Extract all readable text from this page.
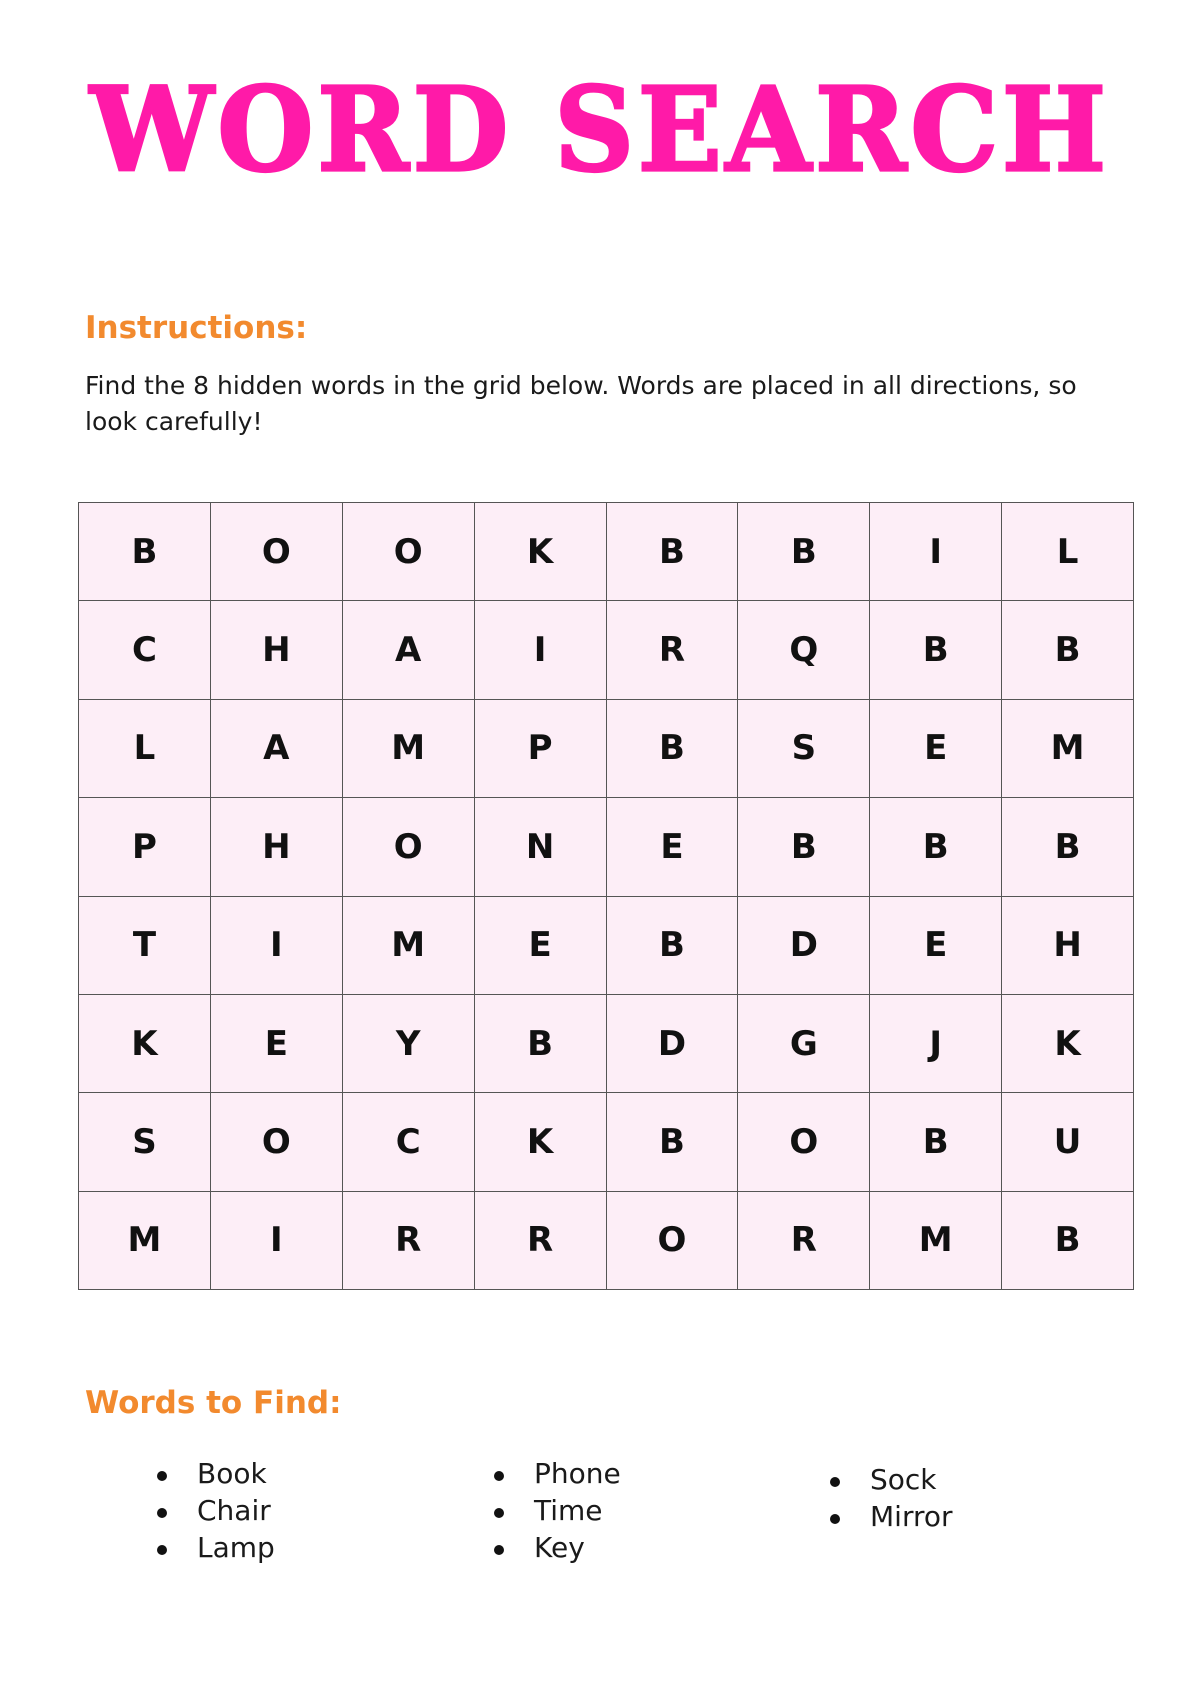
WORD SEARCH
Instructions:
Find the 8 hidden words in the grid below. Words are placed in all directions, so look carefully!
B	O	O	K	B	B	I	L
C	H	A	I	R	Q	B	B
L	A	M	P	B	S	E	M
P	H	O	N	E	B	B	B
T	I	M	E	B	D	E	H
K	E	Y	B	D	G	J	K
S	O	C	K	B	O	B	U
M	I	R	R	O	R	M	B
Words to Find:
Book
Chair
Lamp
Phone
Time
Key
Sock
Mirror
